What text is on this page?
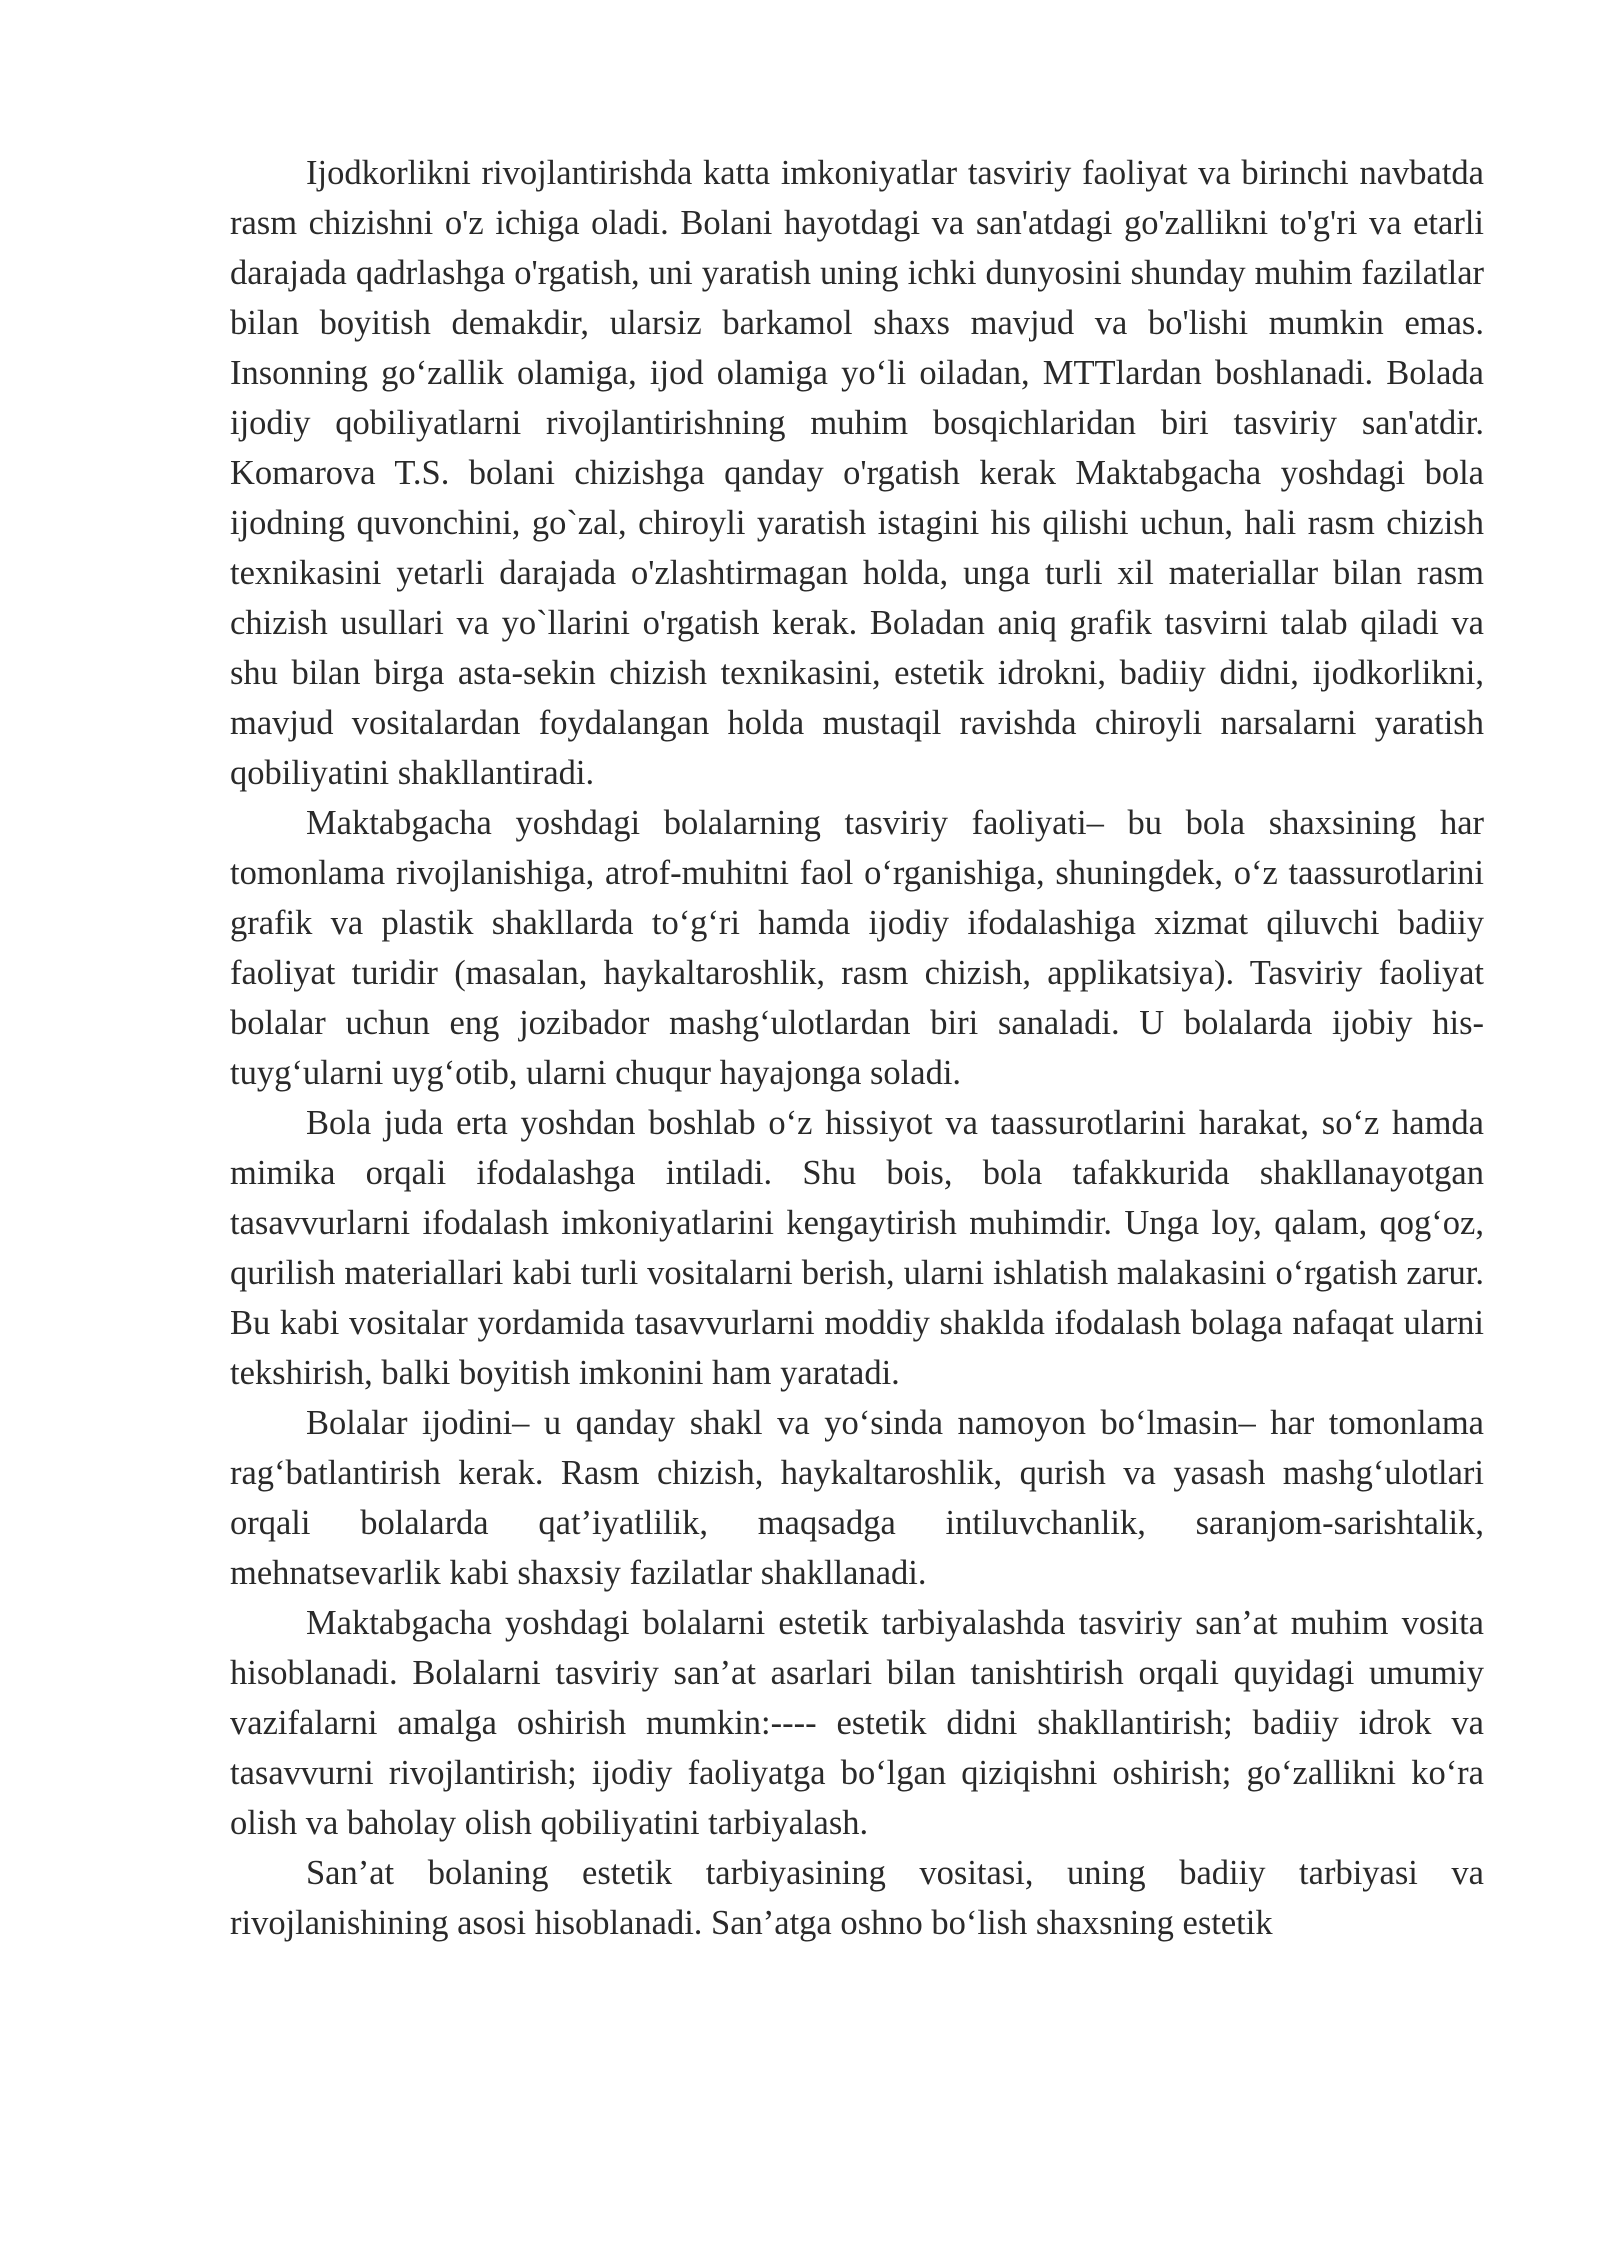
Ijodkorlikni rivojlantirishda katta imkoniyatlar tasviriy faoliyat va birinchi navbatda rasm chizishni o'z ichiga oladi. Bolani hayotdagi va san'atdagi go'zallikni to'g'ri va etarli darajada qadrlashga o'rgatish, uni yaratish uning ichki dunyosini shunday muhim fazilatlar bilan boyitish demakdir, ularsiz barkamol shaxs mavjud va bo'lishi mumkin emas. Insonning go‘zallik olamiga, ijod olamiga yo‘li oiladan, MTTlardan boshlanadi. Bolada ijodiy qobiliyatlarni rivojlantirishning muhim bosqichlaridan biri tasviriy san'atdir. Komarova T.S. bolani chizishga qanday o'rgatish kerak Maktabgacha yoshdagi bola ijodning quvonchini, go`zal, chiroyli yaratish istagini his qilishi uchun, hali rasm chizish texnikasini yetarli darajada o'zlashtirmagan holda, unga turli xil materiallar bilan rasm chizish usullari va yo`llarini o'rgatish kerak. Boladan aniq grafik tasvirni talab qiladi va shu bilan birga asta-sekin chizish texnikasini, estetik idrokni, badiiy didni, ijodkorlikni, mavjud vositalardan foydalangan holda mustaqil ravishda chiroyli narsalarni yaratish qobiliyatini shakllantiradi.

Maktabgacha yoshdagi bolalarning tasviriy faoliyati– bu bola shaxsining har tomonlama rivojlanishiga, atrof-muhitni faol o‘rganishiga, shuningdek, o‘z taassurotlarini grafik va plastik shakllarda to‘g‘ri hamda ijodiy ifodalashiga xizmat qiluvchi badiiy faoliyat turidir (masalan, haykaltaroshlik, rasm chizish, applikatsiya). Tasviriy faoliyat bolalar uchun eng jozibador mashg‘ulotlardan biri sanaladi. U bolalarda ijobiy his-tuyg‘ularni uyg‘otib, ularni chuqur hayajonga soladi.

Bola juda erta yoshdan boshlab o‘z hissiyot va taassurotlarini harakat, so‘z hamda mimika orqali ifodalashga intiladi. Shu bois, bola tafakkurida shakllanayotgan tasavvurlarni ifodalash imkoniyatlarini kengaytirish muhimdir. Unga loy, qalam, qog‘oz, qurilish materiallari kabi turli vositalarni berish, ularni ishlatish malakasini o‘rgatish zarur. Bu kabi vositalar yordamida tasavvurlarni moddiy shaklda ifodalash bolaga nafaqat ularni tekshirish, balki boyitish imkonini ham yaratadi.

Bolalar ijodini– u qanday shakl va yo‘sinda namoyon bo‘lmasin– har tomonlama rag‘batlantirish kerak. Rasm chizish, haykaltaroshlik, qurish va yasash mashg‘ulotlari orqali bolalarda qat’iyatlilik, maqsadga intiluvchanlik, saranjom-sarishtalik, mehnatsevarlik kabi shaxsiy fazilatlar shakllanadi.

Maktabgacha yoshdagi bolalarni estetik tarbiyalashda tasviriy san’at muhim vosita hisoblanadi. Bolalarni tasviriy san’at asarlari bilan tanishtirish orqali quyidagi umumiy vazifalarni amalga oshirish mumkin:---- estetik didni shakllantirish; badiiy idrok va tasavvurni rivojlantirish; ijodiy faoliyatga bo‘lgan qiziqishni oshirish; go‘zallikni ko‘ra olish va baholay olish qobiliyatini tarbiyalash.

San’at bolaning estetik tarbiyasining vositasi, uning badiiy tarbiyasi va rivojlanishining asosi hisoblanadi. San’atga oshno bo‘lish shaxsning estetik
